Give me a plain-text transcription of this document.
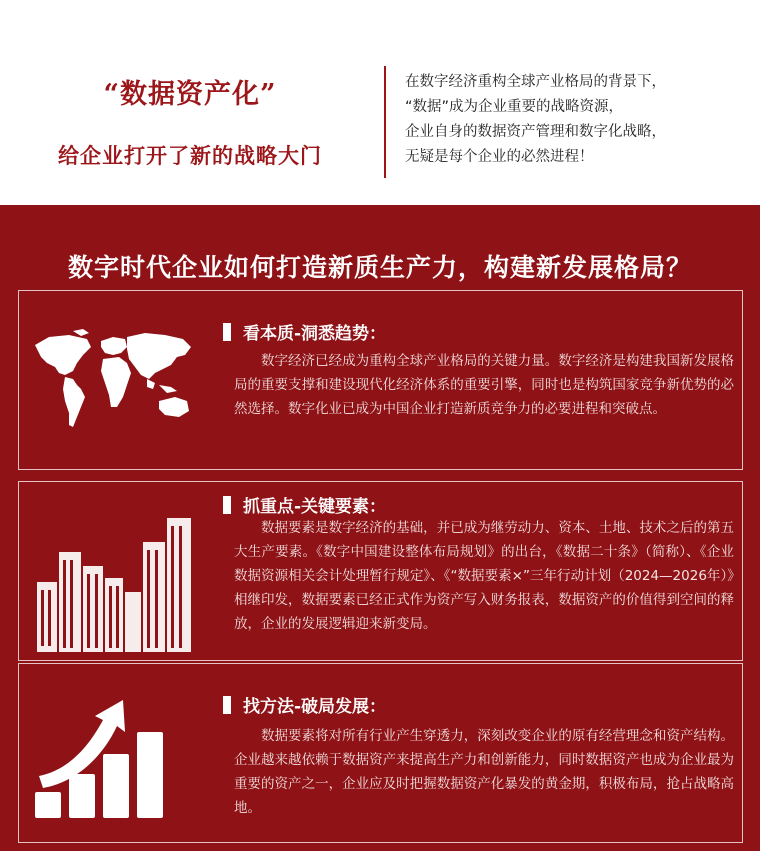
“数据资产化”
给企业打开了新的战略大门
在数字经济重构全球产业格局的背景下，
“数据”成为企业重要的战略资源，
企业自身的数据资产管理和数字化战略，
无疑是每个企业的必然进程！
数字时代企业如何打造新质生产力，构建新发展格局？
看本质-洞悉趋势：
数字经济已经成为重构全球产业格局的关键力量。数字经济是构建我国新发展格局的重要支撑和建设现代化经济体系的重要引擎，同时也是构筑国家竞争新优势的必然选择。数字化业已成为中国企业打造新质竞争力的必要进程和突破点。
抓重点-关键要素：
数据要素是数字经济的基础，并已成为继劳动力、资本、土地、技术之后的第五大生产要素。《数字中国建设整体布局规划》的出台，《数据二十条》（简称）、《企业数据资源相关会计处理暂行规定》、《“数据要素×”三年行动计划（2024—2026年）》相继印发，数据要素已经正式作为资产写入财务报表，数据资产的价值得到空间的释放，企业的发展逻辑迎来新变局。
找方法-破局发展：
数据要素将对所有行业产生穿透力，深刻改变企业的原有经营理念和资产结构。企业越来越依赖于数据资产来提高生产力和创新能力，同时数据资产也成为企业最为重要的资产之一，企业应及时把握数据资产化暴发的黄金期，积极布局，抢占战略高地。
